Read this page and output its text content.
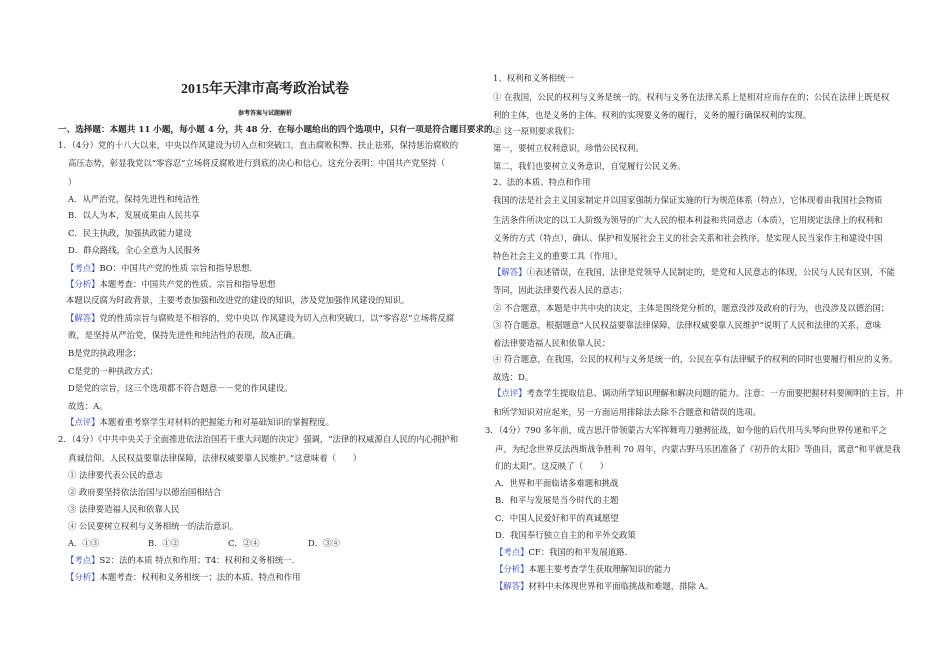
2015年天津市高考政治试卷
参考答案与试题解析
一、选择题：本题共 11 小题，每小题 4 分，共 48 分．在每小题给出的四个选项中，只有一项是符合题目要求的．
1．（4分）党的十八大以来，中央以作风建设为切入点和突破口，直击腐败积弊、扶止祛邪，保持惩治腐败的
高压态势，彰显我党以“零容忍”立场将反腐败进行到底的决心和信心。这充分表明：中国共产党坚持（
）
A．从严治党，保持先进性和纯洁性
B．以人为本，发展成果由人民共享
C．民主执政，加强执政能力建设
D．群众路线，全心全意为人民服务
【考点】BO：中国共产党的性质 宗旨和指导思想.
【分析】本题考查：中国共产党的性质、宗旨和指导思想
本题以反腐为时政背景，主要考查加强和改进党的建设的知识，涉及党加强作风建设的知识。
【解答】党的性质宗旨与腐败是不相容的，党中央以 作风建设为切入点和突破口，以“零容忍”立场将反腐
败，是坚持从严治党，保持先进性和纯洁性的表现，故A正确。
B是党的执政理念；
C是党的一种执政方式；
D是党的宗旨，这三个选项都不符合题意－－党的作风建设。
故选：A。
【点评】本题着重考察学生对材料的把握能力和对基础知识的掌握程度。
2．（4分）《中共中央关于全面推进依法治国若干重大问题的决定》强调，“法律的权威源自人民的内心拥护和
真诚信仰。人民权益要靠法律保障，法律权威要靠人民维护。”这意味着（　　）
① 法律要代表公民的意志
② 政府要坚持依法治国与以德治国相结合
③ 法律要造福人民和依靠人民
④ 公民要树立权利与义务相统一的法治意识。
A．①③	B．①②	C．②④	D．③④
【考点】S2：法的本质 特点和作用；T4：权利和义务相统一.
【分析】本题考查：权利和义务相统一；法的本质、特点和作用
1、权利和义务相统一
① 在我国，公民的权利与义务是统一的。权利与义务在法律关系上是相对应而存在的；公民在法律上既是权
利的主体，也是义务的主体。权利的实现要义务的履行，义务的履行确保权利的实现。
② 这一原则要求我们：
第一，要树立权利意识，珍惜公民权利。
第二，我们也要树立义务意识，自觉履行公民义务。
2、法的本质、特点和作用
我国的法是社会主义国家制定并以国家强制力保证实施的行为规范体系（特点），它体现着由我国社会物质
生活条件所决定的以工人阶级为领导的广大人民的根本利益和共同意志（本质），它用规定法律上的权利和
义务的方式（特点），确认、保护和发展社会主义的社会关系和社会秩序，是实现人民当家作主和建设中国
特色社会主义的重要工具（作用）。
【解答】①表述错误，在我国，法律是党领导人民制定的，是党和人民意志的体现，公民与人民有区别，不能
等同，因此法律要代表人民的意志；
② 不合题意，本题是中共中央的决定，主体是围绕党分析的，题意没涉及政府的行为，也没涉及以德治国；
③ 符合题意，根据题意“人民权益要靠法律保障，法律权威要靠人民维护”说明了人民和法律的关系，意味
着法律要造福人民和依靠人民；
④ 符合题意，在我国，公民的权利与义务是统一的，公民在享有法律赋予的权利的同时也要履行相应的义务。
故选：D。
【点评】考查学生提取信息、调动所学知识理解和解决问题的能力。注意：一方面要把握材料要阐明的主旨，并
和所学知识对应起来，另一方面运用排除法去除不合题意和错误的选项。
3．（4分）790 多年前，成吉思汗带领蒙古大军挥舞弯刀驰骋征战，如今他的后代用马头琴向世界传递和平之
声。为纪念世界反法西斯战争胜利 70 周年，内蒙古野马乐团准备了《初升的太阳》等曲目，寓意“和平就是我
们的太阳”。这反映了（　　）
A．世界和平面临诸多难题和挑战
B．和平与发展是当今时代的主题
C．中国人民爱好和平的真诚愿望
D．我国奉行独立自主的和平外交政策
【考点】CF：我国的和平发展道路.
【分析】本题主要考查学生获取理解知识的能力
【解答】材料中未体现世界和平面临挑战和难题，排除 A。
